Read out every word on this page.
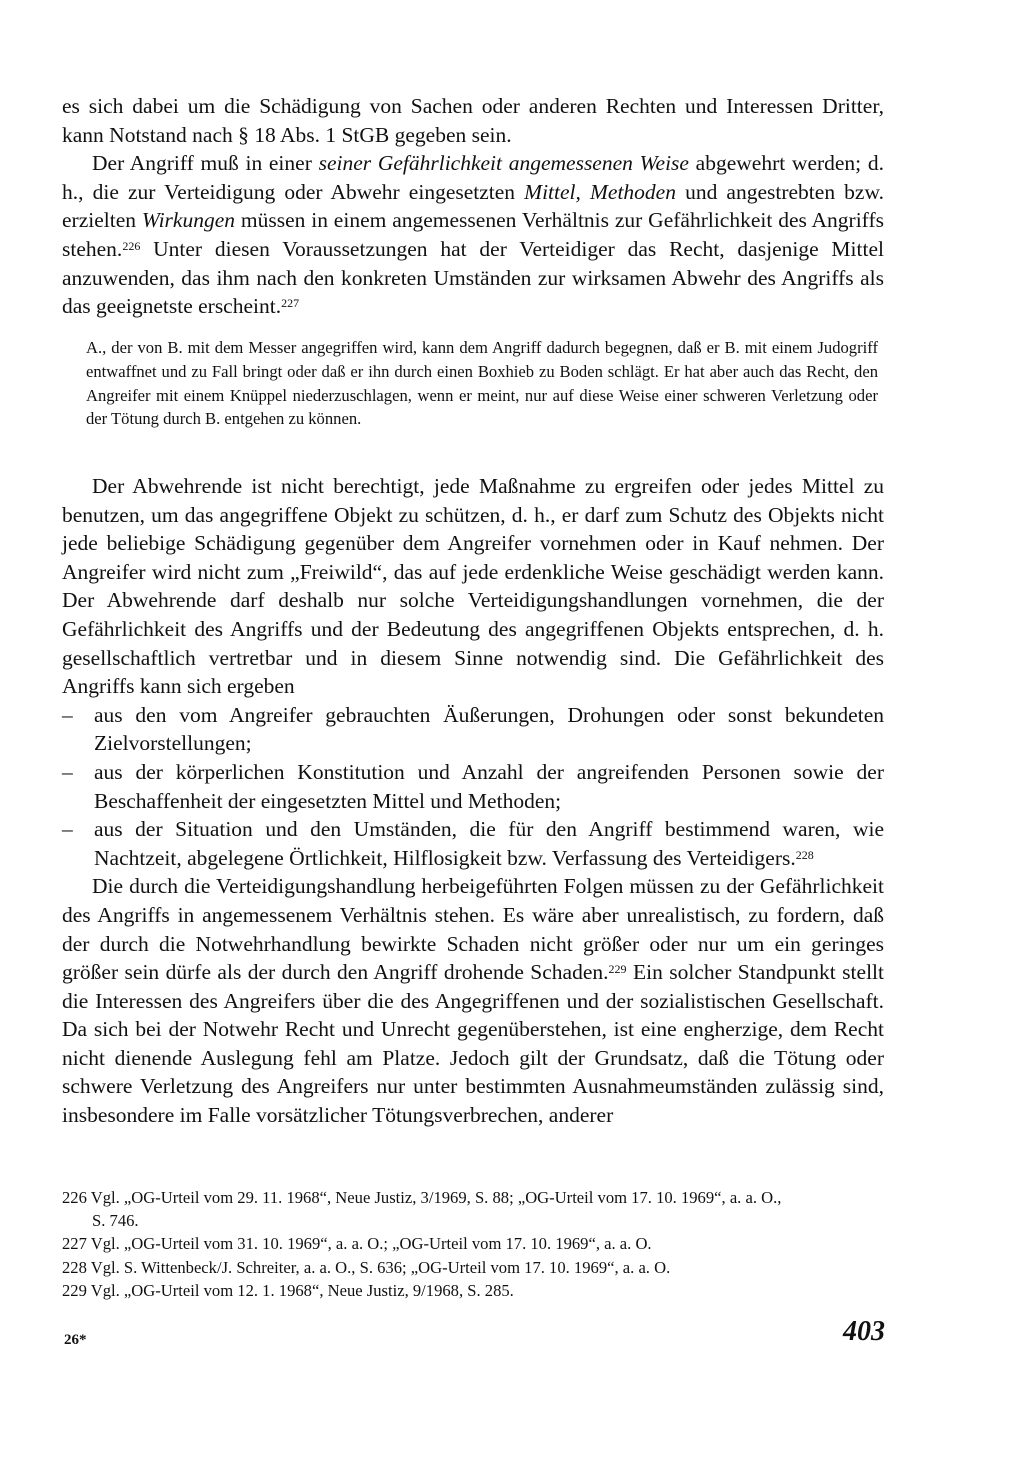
es sich dabei um die Schädigung von Sachen oder anderen Rechten und Interessen Dritter, kann Notstand nach § 18 Abs. 1 StGB gegeben sein.

Der Angriff muß in einer seiner Gefährlichkeit angemessenen Weise abgewehrt werden; d. h., die zur Verteidigung oder Abwehr eingesetzten Mittel, Methoden und angestrebten bzw. erzielten Wirkungen müssen in einem angemessenen Verhältnis zur Gefährlichkeit des Angriffs stehen.$^{226}$ Unter diesen Voraussetzungen hat der Verteidiger das Recht, dasjenige Mittel anzuwenden, das ihm nach den konkreten Umständen zur wirksamen Abwehr des Angriffs als das geeignetste erscheint.$^{227}$

A., der von B. mit dem Messer angegriffen wird, kann dem Angriff dadurch begegnen, daß er B. mit einem Judogriff entwaffnet und zu Fall bringt oder daß er ihn durch einen Boxhieb zu Boden schlägt. Er hat aber auch das Recht, den Angreifer mit einem Knüppel niederzuschlagen, wenn er meint, nur auf diese Weise einer schweren Verletzung oder der Tötung durch B. entgehen zu können.

Der Abwehrende ist nicht berechtigt, jede Maßnahme zu ergreifen oder jedes Mittel zu benutzen, um das angegriffene Objekt zu schützen, d. h., er darf zum Schutz des Objekts nicht jede beliebige Schädigung gegenüber dem Angreifer vornehmen oder in Kauf nehmen. Der Angreifer wird nicht zum „Freiwild“, das auf jede erdenkliche Weise geschädigt werden kann. Der Abwehrende darf deshalb nur solche Verteidigungshandlungen vornehmen, die der Gefährlichkeit des Angriffs und der Bedeutung des angegriffenen Objekts entsprechen, d. h. gesellschaftlich vertretbar und in diesem Sinne notwendig sind. Die Gefährlichkeit des Angriffs kann sich ergeben

– aus den vom Angreifer gebrauchten Äußerungen, Drohungen oder sonst bekundeten Zielvorstellungen;
– aus der körperlichen Konstitution und Anzahl der angreifenden Personen sowie der Beschaffenheit der eingesetzten Mittel und Methoden;
– aus der Situation und den Umständen, die für den Angriff bestimmend waren, wie Nachtzeit, abgelegene Örtlichkeit, Hilflosigkeit bzw. Verfassung des Verteidigers.$^{228}$

Die durch die Verteidigungshandlung herbeigeführten Folgen müssen zu der Gefährlichkeit des Angriffs in angemessenem Verhältnis stehen. Es wäre aber unrealistisch, zu fordern, daß der durch die Notwehrhandlung bewirkte Schaden nicht größer oder nur um ein geringes größer sein dürfe als der durch den Angriff drohende Schaden.$^{229}$ Ein solcher Standpunkt stellt die Interessen des Angreifers über die des Angegriffenen und der sozialistischen Gesellschaft. Da sich bei der Notwehr Recht und Unrecht gegenüberstehen, ist eine engherzige, dem Recht nicht dienende Auslegung fehl am Platze. Jedoch gilt der Grundsatz, daß die Tötung oder schwere Verletzung des Angreifers nur unter bestimmten Ausnahmeumständen zulässig sind, insbesondere im Falle vorsätzlicher Tötungsverbrechen, anderer

226 Vgl. „OG-Urteil vom 29. 11. 1968“, Neue Justiz, 3/1969, S. 88; „OG-Urteil vom 17. 10. 1969“, a. a. O.,
S. 746.
227 Vgl. „OG-Urteil vom 31. 10. 1969“, a. a. O.; „OG-Urteil vom 17. 10. 1969“, a. a. O.
228 Vgl. S. Wittenbeck/J. Schreiter, a. a. O., S. 636; „OG-Urteil vom 17. 10. 1969“, a. a. O.
229 Vgl. „OG-Urteil vom 12. 1. 1968“, Neue Justiz, 9/1968, S. 285.
26*	403
